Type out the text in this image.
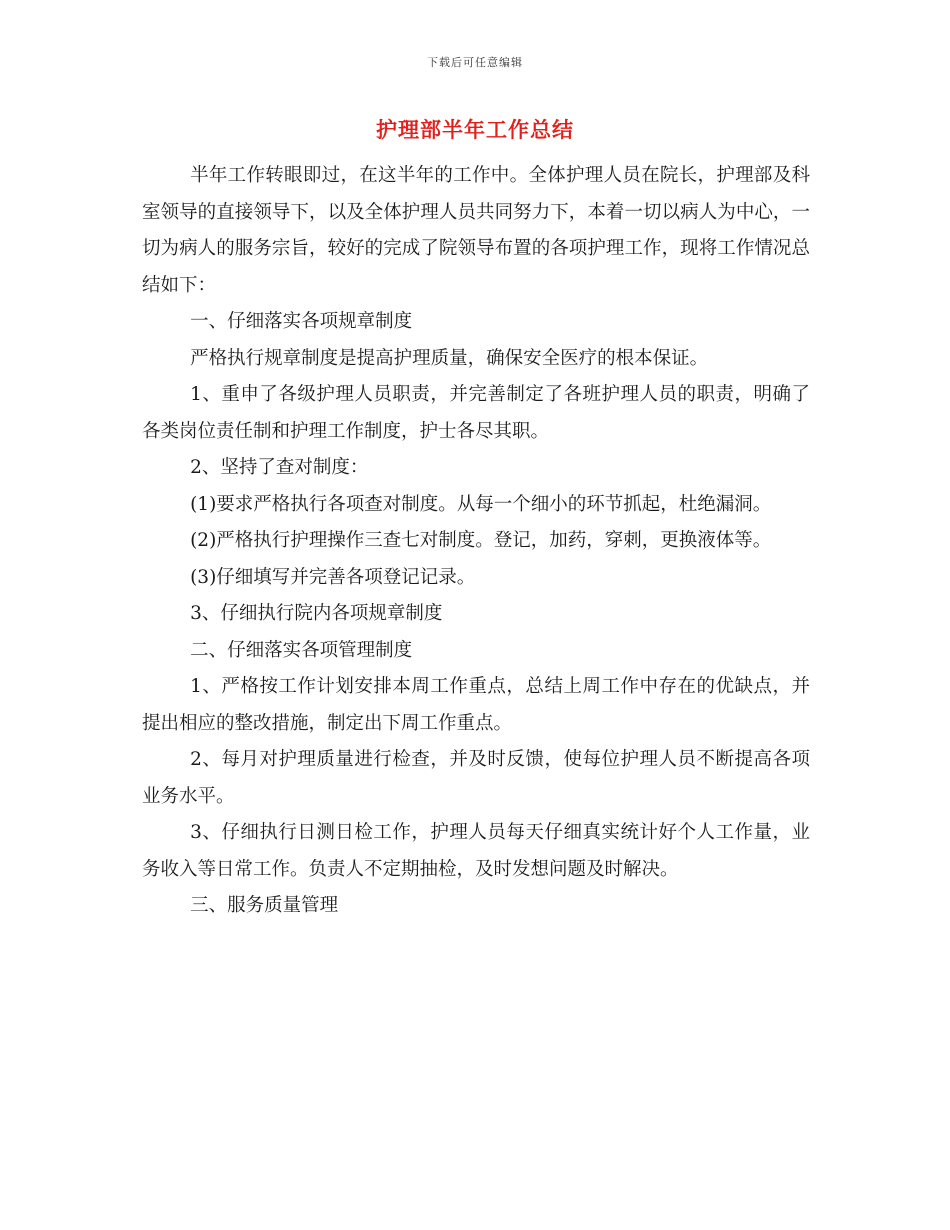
下载后可任意编辑
护理部半年工作总结

半年工作转眼即过，在这半年的工作中。全体护理人员在院长，护理部及科室领导的直接领导下，以及全体护理人员共同努力下，本着一切以病人为中心，一切为病人的服务宗旨，较好的完成了院领导布置的各项护理工作，现将工作情况总结如下：

一、仔细落实各项规章制度

严格执行规章制度是提高护理质量，确保安全医疗的根本保证。

1、重申了各级护理人员职责，并完善制定了各班护理人员的职责，明确了各类岗位责任制和护理工作制度，护士各尽其职。

2、坚持了查对制度：

(1)要求严格执行各项查对制度。从每一个细小的环节抓起，杜绝漏洞。

(2)严格执行护理操作三查七对制度。登记，加药，穿刺，更换液体等。

(3)仔细填写并完善各项登记记录。

3、仔细执行院内各项规章制度

二、仔细落实各项管理制度

1、严格按工作计划安排本周工作重点，总结上周工作中存在的优缺点，并提出相应的整改措施，制定出下周工作重点。

2、每月对护理质量进行检查，并及时反馈，使每位护理人员不断提高各项业务水平。

3、仔细执行日测日检工作，护理人员每天仔细真实统计好个人工作量，业务收入等日常工作。负责人不定期抽检，及时发想问题及时解决。

三、服务质量管理
